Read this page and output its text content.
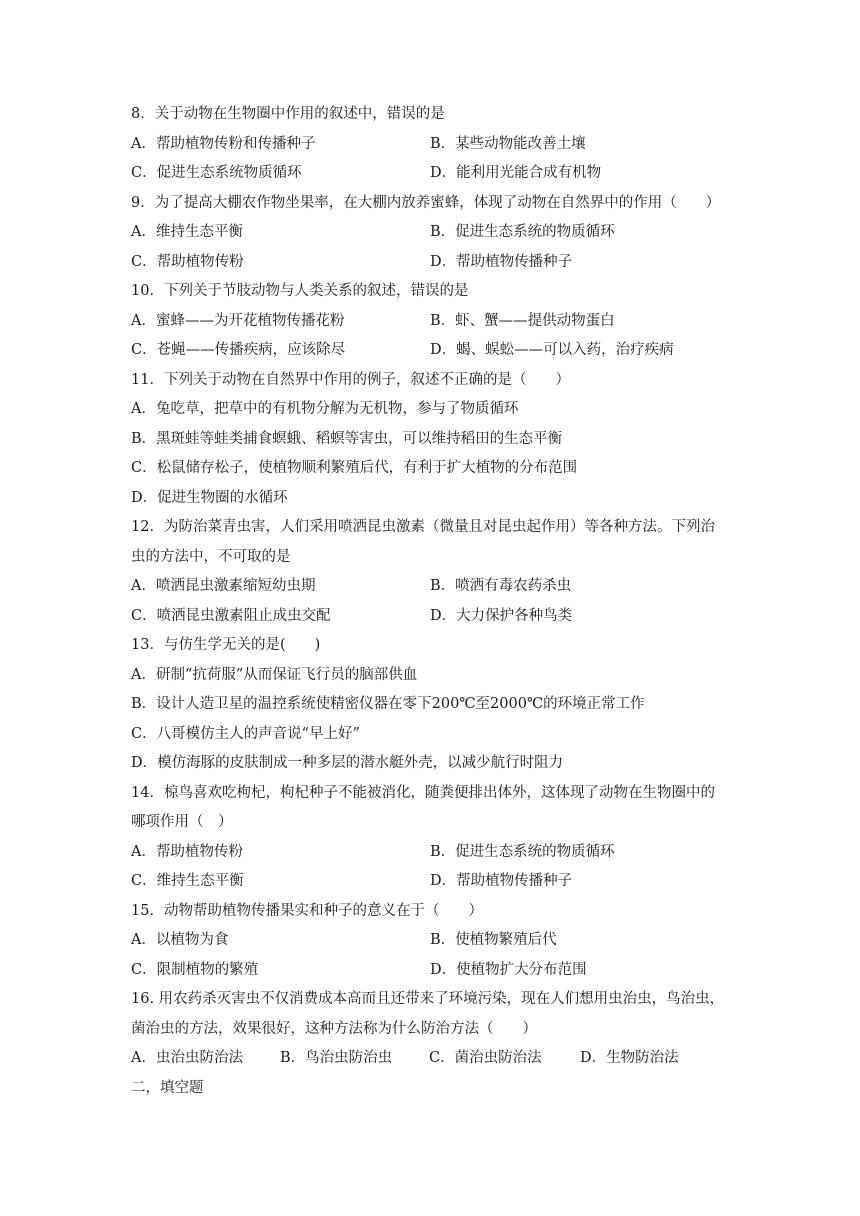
8．关于动物在生物圈中作用的叙述中，错误的是
A．帮助植物传粉和传播种子	B．某些动物能改善土壤
C．促进生态系统物质循环	D．能利用光能合成有机物
9．为了提高大棚农作物坐果率，在大棚内放养蜜蜂，体现了动物在自然界中的作用（　　）
A．维持生态平衡	B．促进生态系统的物质循环
C．帮助植物传粉	D．帮助植物传播种子
10．下列关于节肢动物与人类关系的叙述，错误的是
A．蜜蜂——为开花植物传播花粉	B．虾、蟹——提供动物蛋白
C．苍蝇——传播疾病，应该除尽	D．蝎、蜈蚣——可以入药，治疗疾病
11．下列关于动物在自然界中作用的例子，叙述不正确的是（　　）
A．兔吃草，把草中的有机物分解为无机物，参与了物质循环
B．黑斑蛙等蛙类捕食螟蛾、稻螟等害虫，可以维持稻田的生态平衡
C．松鼠储存松子，使植物顺利繁殖后代，有利于扩大植物的分布范围
D．促进生物圈的水循环
12．为防治菜青虫害，人们采用喷洒昆虫激素（微量且对昆虫起作用）等各种方法。下列治
虫的方法中，不可取的是
A．喷洒昆虫激素缩短幼虫期	B．喷洒有毒农药杀虫
C．喷洒昆虫激素阻止成虫交配	D．大力保护各种鸟类
13．与仿生学无关的是(　　)
A．研制“抗荷服”从而保证飞行员的脑部供血
B．设计人造卫星的温控系统使精密仪器在零下200℃至2000℃的环境正常工作
C．八哥模仿主人的声音说“早上好”
D．模仿海豚的皮肤制成一种多层的潜水艇外壳，以减少航行时阻力
14．椋鸟喜欢吃枸杞，枸杞种子不能被消化，随粪便排出体外，这体现了动物在生物圈中的
哪项作用（　）
A．帮助植物传粉	B．促进生态系统的物质循环
C．维持生态平衡	D．帮助植物传播种子
15．动物帮助植物传播果实和种子的意义在于（　　）
A．以植物为食	B．使植物繁殖后代
C．限制植物的繁殖	D．使植物扩大分布范围
16. 用农药杀灭害虫不仅消费成本高而且还带来了环境污染，现在人们想用虫治虫，鸟治虫，
菌治虫的方法，效果很好，这种方法称为什么防治方法（　　）
A．虫治虫防治法	B．鸟治虫防治虫	C．菌治虫防治法	D．生物防治法
二，填空题
